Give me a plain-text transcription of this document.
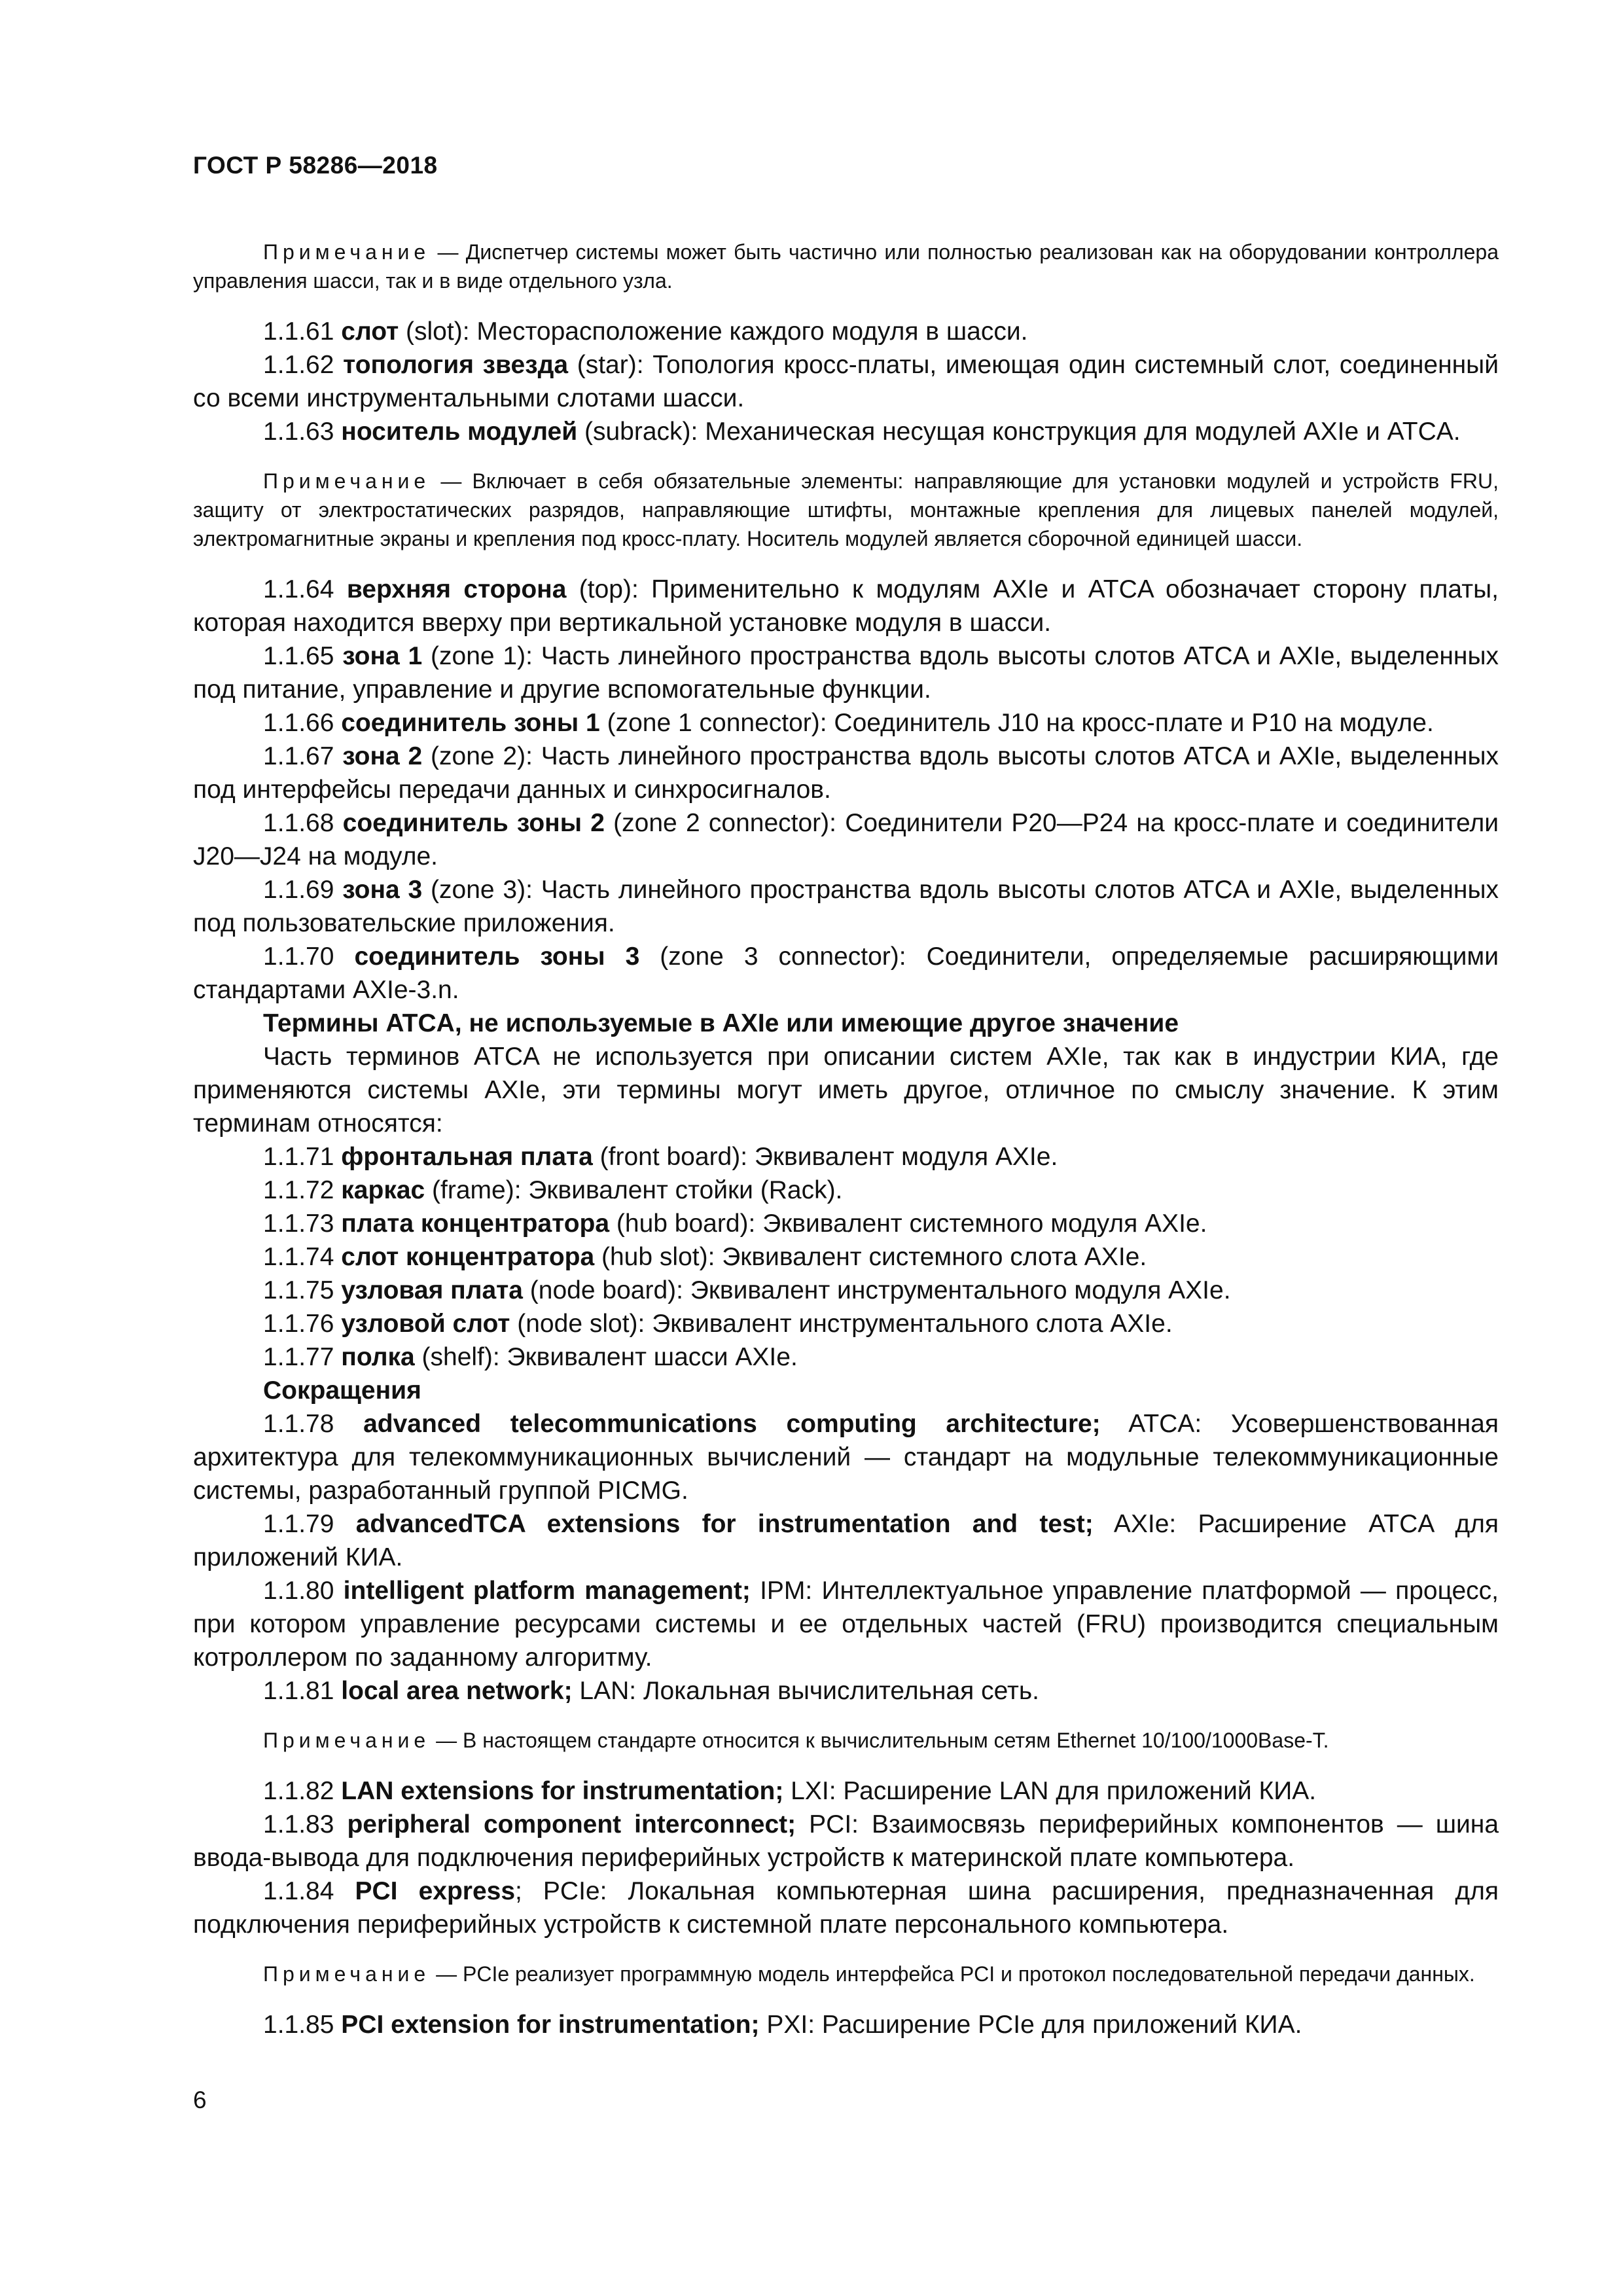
ГОСТ Р 58286—2018

Примечание — Диспетчер системы может быть частично или полностью реализован как на оборудовании контроллера управления шасси, так и в виде отдельного узла.

1.1.61 слот (slot): Месторасположение каждого модуля в шасси.

1.1.62 топология звезда (star): Топология кросс-платы, имеющая один системный слот, соединенный со всеми инструментальными слотами шасси.

1.1.63 носитель модулей (subrack): Механическая несущая конструкция для модулей AXIe и ATCA.

Примечание — Включает в себя обязательные элементы: направляющие для установки модулей и устройств FRU, защиту от электростатических разрядов, направляющие штифты, монтажные крепления для лицевых панелей модулей, электромагнитные экраны и крепления под кросс-плату. Носитель модулей является сборочной единицей шасси.

1.1.64 верхняя сторона (top): Применительно к модулям AXIe и ATCA обозначает сторону платы, которая находится вверху при вертикальной установке модуля в шасси.

1.1.65 зона 1 (zone 1): Часть линейного пространства вдоль высоты слотов ATCA и AXIe, выделенных под питание, управление и другие вспомогательные функции.

1.1.66 соединитель зоны 1 (zone 1 connector): Соединитель J10 на кросс-плате и P10 на модуле.

1.1.67 зона 2 (zone 2): Часть линейного пространства вдоль высоты слотов ATCA и AXIe, выделенных под интерфейсы передачи данных и синхросигналов.

1.1.68 соединитель зоны 2 (zone 2 connector): Соединители P20—P24 на кросс-плате и соединители J20—J24 на модуле.

1.1.69 зона 3 (zone 3): Часть линейного пространства вдоль высоты слотов ATCA и AXIe, выделенных под пользовательские приложения.

1.1.70 соединитель зоны 3 (zone 3 connector): Соединители, определяемые расширяющими стандартами AXIe-3.n.

Термины ATCA, не используемые в AXIe или имеющие другое значение

Часть терминов ATCA не используется при описании систем AXIe, так как в индустрии КИА, где применяются системы AXIe, эти термины могут иметь другое, отличное по смыслу значение. К этим терминам относятся:

1.1.71 фронтальная плата (front board): Эквивалент модуля AXIe.

1.1.72 каркас (frame): Эквивалент стойки (Rack).

1.1.73 плата концентратора (hub board): Эквивалент системного модуля AXIe.

1.1.74 слот концентратора (hub slot): Эквивалент системного слота AXIe.

1.1.75 узловая плата (node board): Эквивалент инструментального модуля AXIe.

1.1.76 узловой слот (node slot): Эквивалент инструментального слота AXIe.

1.1.77 полка (shelf): Эквивалент шасси AXIe.

Сокращения

1.1.78 advanced telecommunications computing architecture; ATCA: Усовершенствованная архитектура для телекоммуникационных вычислений — стандарт на модульные телекоммуникационные системы, разработанный группой PICMG.

1.1.79 advancedTCA extensions for instrumentation and test; AXIe: Расширение ATCA для приложений КИА.

1.1.80 intelligent platform management; IPM: Интеллектуальное управление платформой — процесс, при котором управление ресурсами системы и ее отдельных частей (FRU) производится специальным котроллером по заданному алгоритму.

1.1.81 local area network; LAN: Локальная вычислительная сеть.

Примечание — В настоящем стандарте относится к вычислительным сетям Ethernet 10/100/1000Base-T.

1.1.82 LAN extensions for instrumentation; LXI: Расширение LAN для приложений КИА.

1.1.83 peripheral component interconnect; PCI: Взаимосвязь периферийных компонентов — шина ввода-вывода для подключения периферийных устройств к материнской плате компьютера.

1.1.84 PCI express; PCIe: Локальная компьютерная шина расширения, предназначенная для подключения периферийных устройств к системной плате персонального компьютера.

Примечание — PCIe реализует программную модель интерфейса PCI и протокол последовательной передачи данных.

1.1.85 PCI extension for instrumentation; PXI: Расширение PCIe для приложений КИА.

6
